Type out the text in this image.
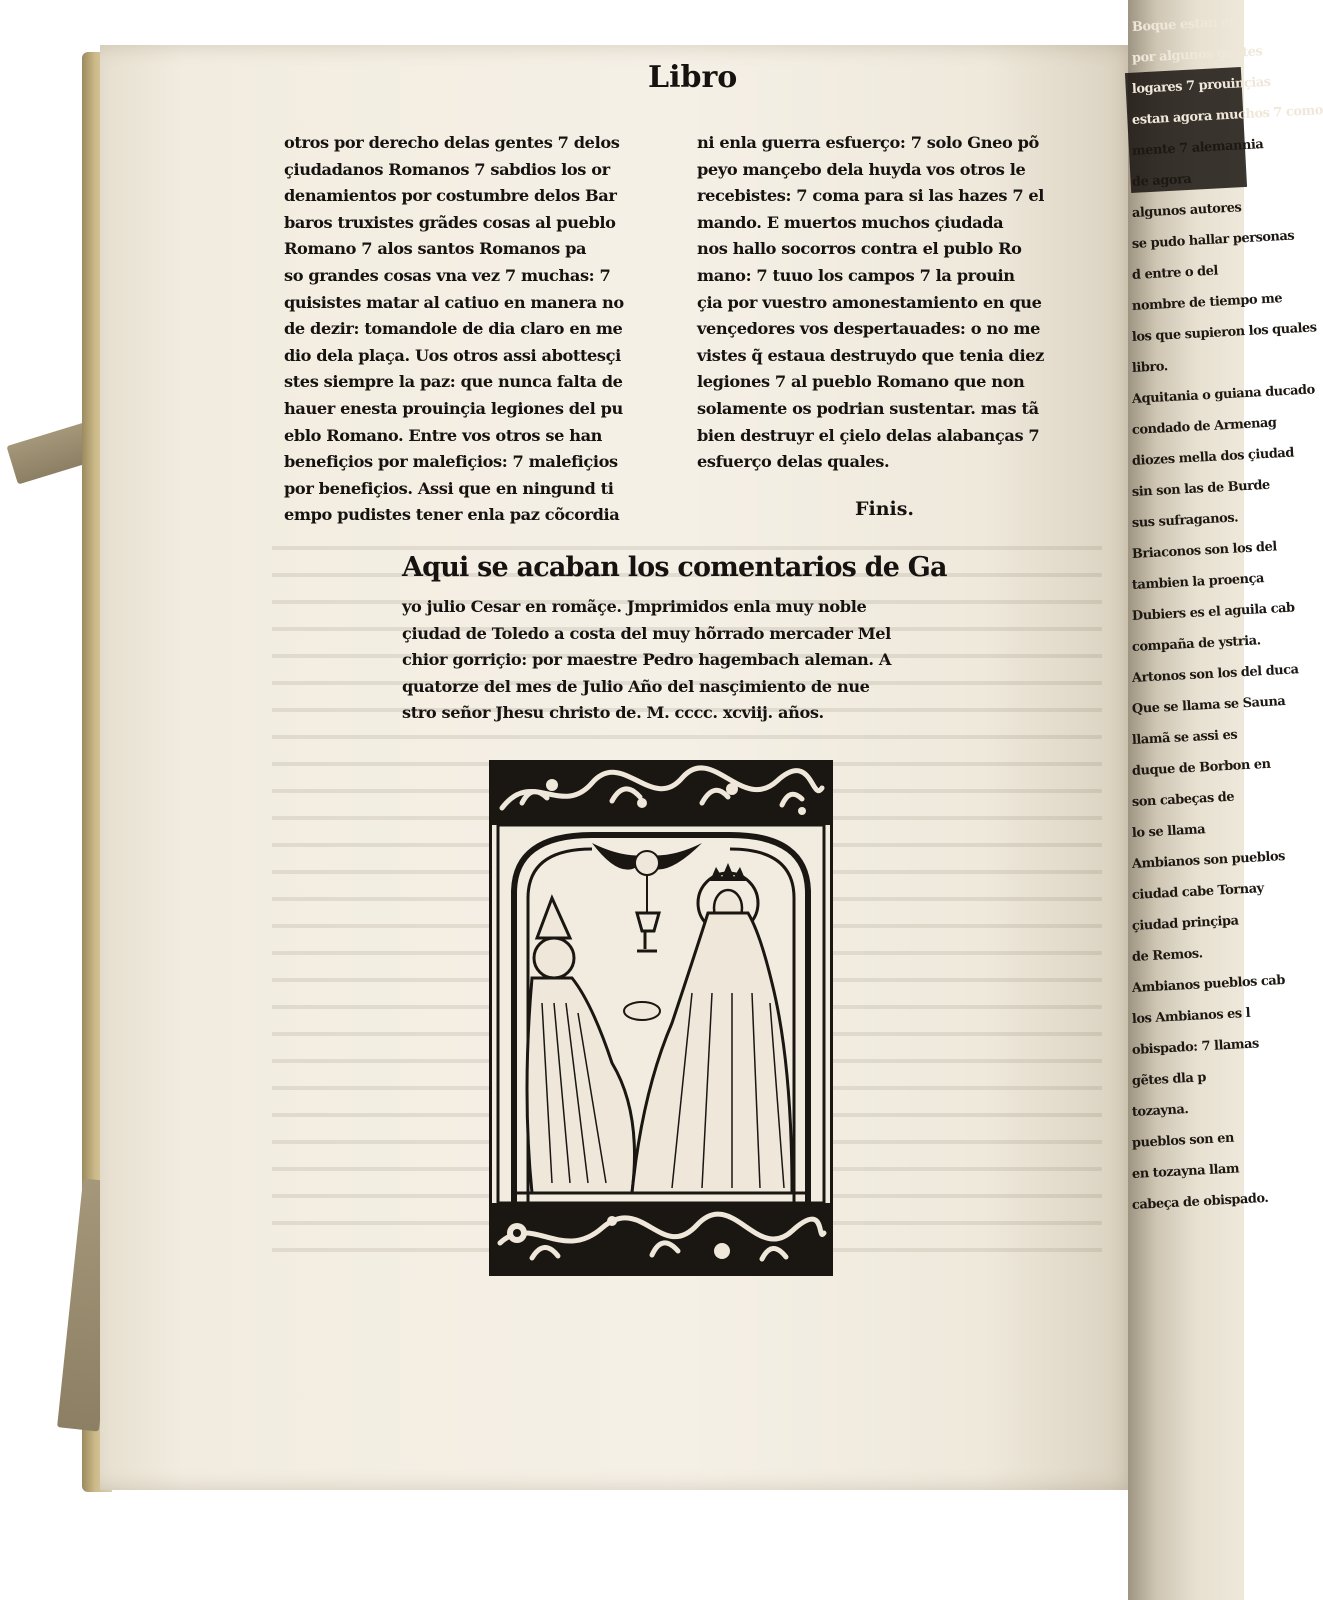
Boque estan en
por algunos gentes
logares 7 prouinçias
estan agora muchos 7 como
mente 7 alemannia
de agora
algunos autores
se pudo hallar personas
d entre o del
nombre de tiempo me
los que supieron los quales
libro.
Aquitania o guiana ducado
condado de Armenag
diozes mella dos çiudad
sin son las de Burde
sus sufraganos.
Briaconos son los del
tambien la proença
Dubiers es el aguila cab
compaña de ystria.
Artonos son los del duca
Que se llama se Sauna
llamã se assi es
duque de Borbon en
son cabeças de
lo se llama
Ambianos son pueblos
ciudad cabe Tornay
çiudad prinçipa
de Remos.
Ambianos pueblos cab
los Ambianos es l
obispado: 7 llamas
gẽtes dla p
tozayna.
pueblos son en
en tozayna llam
cabeça de obispado.
Libro
otros por derecho delas gentes 7 delos
çiudadanos Romanos 7 sabdios los or
denamientos por costumbre delos Bar
baros truxistes grãdes cosas al pueblo
Romano 7 alos santos Romanos pa
so grandes cosas vna vez 7 muchas: 7
quisistes matar al catiuo en manera no
de dezir: tomandole de dia claro en me
dio dela plaça. Uos otros assi abottesçi
stes siempre la paz: que nunca falta de
hauer enesta prouinçia legiones del pu
eblo Romano. Entre vos otros se han
benefiçios por malefiçios: 7 malefiçios
por benefiçios. Assi que en ningund ti
empo pudistes tener enla paz cõcordia
ni enla guerra esfuerço: 7 solo Gneo põ
peyo mançebo dela huyda vos otros le
recebistes: 7 coma para si las hazes 7 el
mando. E muertos muchos çiudada
nos hallo socorros contra el publo Ro
mano: 7 tuuo los campos 7 la prouin
çia por vuestro amonestamiento en que
vençedores vos despertauades: o no me
vistes q̃ estaua destruydo que tenia diez
legiones 7 al pueblo Romano que non
solamente os podrian sustentar. mas tã
bien destruyr el çielo delas alabanças 7
esfuerço delas quales.
Finis.
Aqui se acaban los comentarios de Ga
yo julio Cesar en romãçe. Jmprimidos enla muy noble
çiudad de Toledo a costa del muy hõrrado mercader Mel
chior gorriçio: por maestre Pedro hagembach aleman. A
quatorze del mes de Julio Año del nasçimiento de nue
stro señor Jhesu christo de. M. cccc. xcviij. años.
